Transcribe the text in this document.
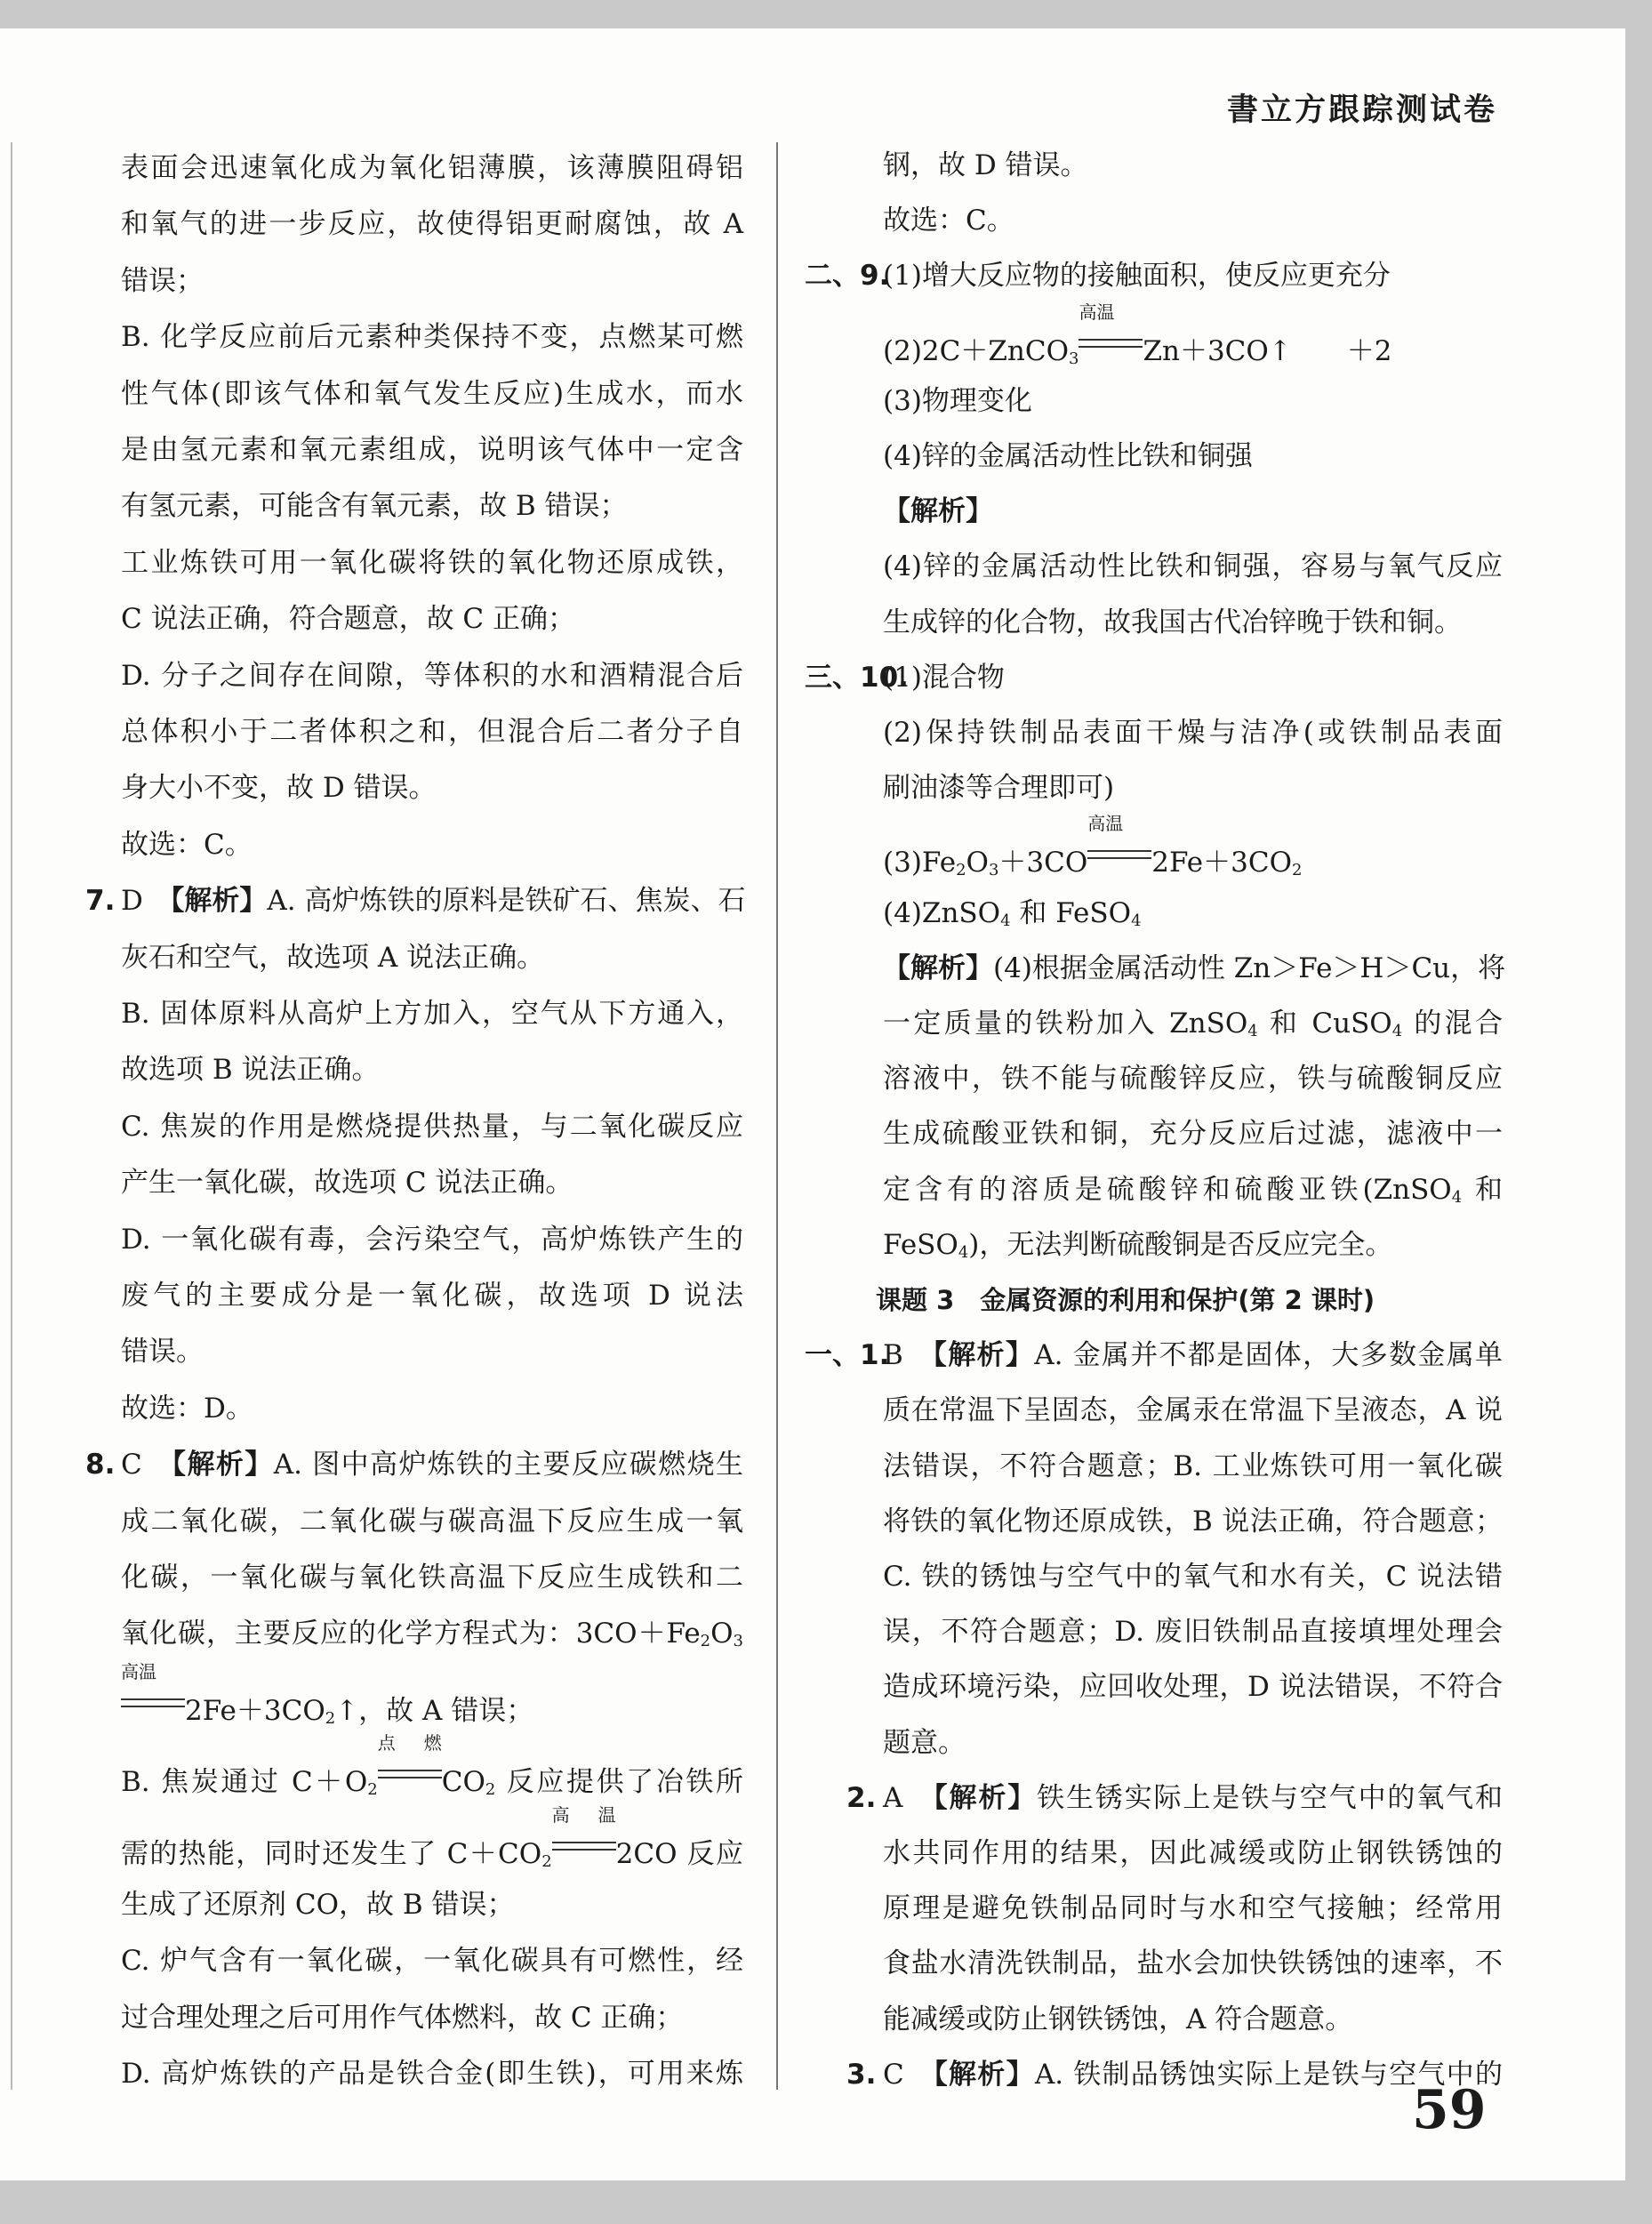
書立方跟踪测试卷
表面会迅速氧化成为氧化铝薄膜，该薄膜阻碍铝
和氧气的进一步反应，故使得铝更耐腐蚀，故 A
错误；
B. 化学反应前后元素种类保持不变，点燃某可燃
性气体(即该气体和氧气发生反应)生成水，而水
是由氢元素和氧元素组成，说明该气体中一定含
有氢元素，可能含有氧元素，故 B 错误；
工业炼铁可用一氧化碳将铁的氧化物还原成铁，
C 说法正确，符合题意，故 C 正确；
D. 分子之间存在间隙，等体积的水和酒精混合后
总体积小于二者体积之和，但混合后二者分子自
身大小不变，故 D 错误。
故选：C。
D　【解析】A. 高炉炼铁的原料是铁矿石、焦炭、石
7.
灰石和空气，故选项 A 说法正确。
B. 固体原料从高炉上方加入，空气从下方通入，
故选项 B 说法正确。
C. 焦炭的作用是燃烧提供热量，与二氧化碳反应
产生一氧化碳，故选项 C 说法正确。
D. 一氧化碳有毒，会污染空气，高炉炼铁产生的
废气的主要成分是一氧化碳，故选项 D 说法
错误。
故选：D。
C　【解析】A. 图中高炉炼铁的主要反应碳燃烧生
8.
成二氧化碳，二氧化碳与碳高温下反应生成一氧
化碳，一氧化碳与氧化铁高温下反应生成铁和二
氧化碳，主要反应的化学方程式为：$3CO+Fe_2O_3$
高温
$2Fe+3CO_2↑$，故 A 错误；
B. 焦炭通过 $C+O_2$
点燃
$CO_2$ 反应提供了冶铁所
需的热能，同时还发生了 $C+CO_2$
高温
2CO 反应
生成了还原剂 CO，故 B 错误；
C. 炉气含有一氧化碳，一氧化碳具有可燃性，经
过合理处理之后可用作气体燃料，故 C 正确；
D. 高炉炼铁的产品是铁合金(即生铁)，可用来炼
钢，故 D 错误。
故选：C。
(1)增大反应物的接触面积，使反应更充分
二、9.
(2)2C＋ZnCO$_3$
高温
Zn＋3CO↑　　＋2
(3)物理变化
(4)锌的金属活动性比铁和铜强
【解析】
(4)锌的金属活动性比铁和铜强，容易与氧气反应
生成锌的化合物，故我国古代冶锌晚于铁和铜。
(1)混合物
三、10.
(2)保持铁制品表面干燥与洁净(或铁制品表面
刷油漆等合理即可)
$(3)Fe_2O_3+3CO$
高温
$2Fe+3CO_2$
(4)ZnSO$_4$ 和 FeSO$_4$
【解析】(4)根据金属活动性 Zn＞Fe＞H＞Cu，将
一定质量的铁粉加入 ZnSO$_4$ 和 CuSO$_4$ 的混合
溶液中，铁不能与硫酸锌反应，铁与硫酸铜反应
生成硫酸亚铁和铜，充分反应后过滤，滤液中一
定含有的溶质是硫酸锌和硫酸亚铁(ZnSO$_4$ 和
FeSO$_4$)，无法判断硫酸铜是否反应完全。
课题 3　金属资源的利用和保护(第 2 课时)
B　【解析】A. 金属并不都是固体，大多数金属单
一、1.
质在常温下呈固态，金属汞在常温下呈液态，A 说
法错误，不符合题意；B. 工业炼铁可用一氧化碳
将铁的氧化物还原成铁，B 说法正确，符合题意；
C. 铁的锈蚀与空气中的氧气和水有关，C 说法错
误，不符合题意；D. 废旧铁制品直接填埋处理会
造成环境污染，应回收处理，D 说法错误，不符合
题意。
A　【解析】铁生锈实际上是铁与空气中的氧气和
2.
水共同作用的结果，因此减缓或防止钢铁锈蚀的
原理是避免铁制品同时与水和空气接触；经常用
食盐水清洗铁制品，盐水会加快铁锈蚀的速率，不
能减缓或防止钢铁锈蚀，A 符合题意。
C　【解析】A. 铁制品锈蚀实际上是铁与空气中的
3.
59
